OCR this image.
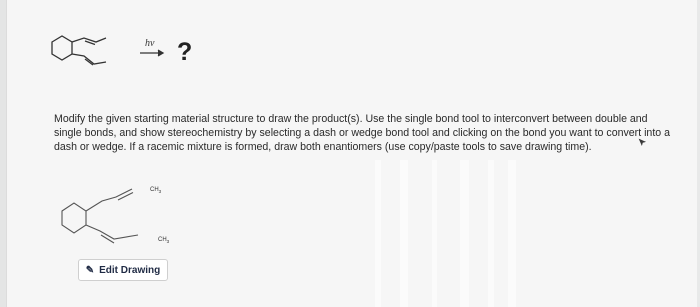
hν ?
Modify the given starting material structure to draw the product(s). Use the single bond tool to interconvert between double and single bonds, and show stereochemistry by selecting a dash or wedge bond tool and clicking on the bond you want to convert into a dash or wedge. If a racemic mixture is formed, draw both enantiomers (use copy/paste tools to save drawing time).
$CH_3$
$CH_3$
✎ Edit Drawing
